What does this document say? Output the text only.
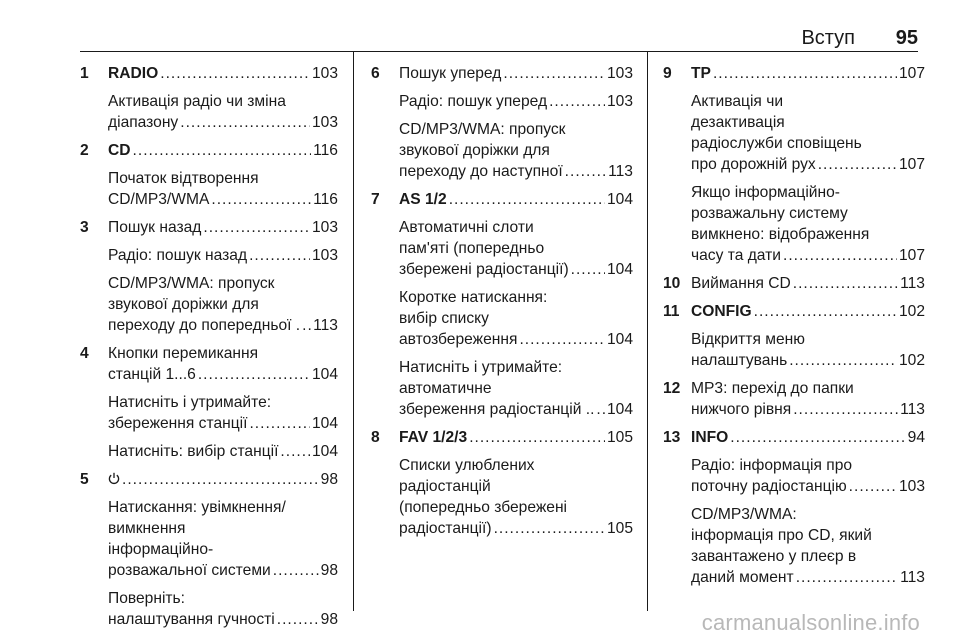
Вступ 95
1	RADIO .....	103
Активація радіо чи зміна
діапазону .....	103
2	CD .....	116
Початок відтворення
CD/MP3/WMA .....	116
3	Пошук назад .....	103
Радіо: пошук назад .....	103
CD/MP3/WMA: пропуск
звукової доріжки для
переходу до попередньої . ..... 113
4	Кнопки перемикання
станцій 1...6 .....	104
Натисніть і утримайте:
збереження станції .....	104
Натисніть: вибір станції ..... 104
5 .....	98
Натискання: увімкнення/
вимкнення
інформаційно-
розважальної системи .....	98
Поверніть:
налаштування гучності .....	98
6	Пошук уперед .....	103
Радіо: пошук уперед .....	103
CD/MP3/WMA: пропуск
звукової доріжки для
переходу до наступної .....	113
7	AS 1/2 .....	104
Автоматичні слоти
пам'яті (попередньо
збережені радіостанції) ..... 104
Коротке натискання:
вибір списку
автозбереження .....	104
Натисніть і утримайте:
автоматичне
збереження радіостанцій .. ..... 104
8	FAV 1/2/3 .....	105
Списки улюблених
радіостанцій
(попередньо збережені
радіостанції) .....	105
9	TP .....	107
Активація чи
дезактивація
радіослужби сповіщень
про дорожній рух .....	107
Якщо інформаційно-
розважальну систему
вимкнено: відображення
часу та дати .....	107
10 Виймання CD .....	113
11 CONFIG .....	102
Відкриття меню
налаштувань .....	102
12 MP3: перехід до папки
нижчого рівня .....	113
13 INFO .....	94
Радіо: інформація про
поточну радіостанцію .....	103
CD/MP3/WMA:
інформація про CD, який
завантажено у плеєр в
даний момент .....	113
carmanualsonline.info
